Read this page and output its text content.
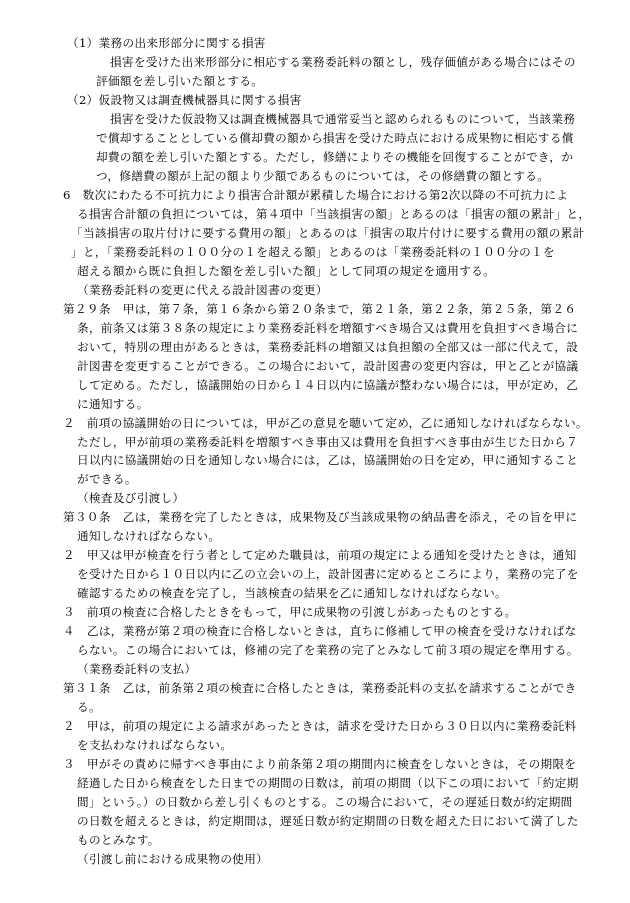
（1）業務の出来形部分に関する損害
損害を受けた出来形部分に相応する業務委託料の額とし，残存価値がある場合にはその
評価額を差し引いた額とする。
（2）仮設物又は調査機械器具に関する損害
損害を受けた仮設物又は調査機械器具で通常妥当と認められるものについて，当該業務
で償却することとしている償却費の額から損害を受けた時点における成果物に相応する償
却費の額を差し引いた額とする。ただし，修繕によりその機能を回復することができ，か
つ，修繕費の額が上記の額より少額であるものについては，その修繕費の額とする。
6　数次にわたる不可抗力により損害合計額が累積した場合における第2次以降の不可抗力によ
る損害合計額の負担については，第４項中「当該損害の額」とあるのは「損害の額の累計」と，
「当該損害の取片付けに要する費用の額」とあるのは「損害の取片付けに要する費用の額の累計
」と，「業務委託料の１００分の１を超える額」とあるのは「業務委託料の１００分の１を
超える額から既に負担した額を差し引いた額」として同項の規定を適用する。
（業務委託料の変更に代える設計図書の変更）
第２９条　甲は，第７条，第１６条から第２０条まで，第２１条，第２２条，第２５条，第２６
条，前条又は第３８条の規定により業務委託料を増額すべき場合又は費用を負担すべき場合に
おいて，特別の理由があるときは，業務委託料の増額又は負担額の全部又は一部に代えて，設
計図書を変更することができる。この場合において，設計図書の変更内容は，甲と乙とが協議
して定める。ただし，協議開始の日から１４日以内に協議が整わない場合には，甲が定め，乙
に通知する。
２　前項の協議開始の日については，甲が乙の意見を聴いて定め，乙に通知しなければならない。
ただし，甲が前項の業務委託料を増額すべき事由又は費用を負担すべき事由が生じた日から７
日以内に協議開始の日を通知しない場合には，乙は，協議開始の日を定め，甲に通知すること
ができる。
（検査及び引渡し）
第３０条　乙は，業務を完了したときは，成果物及び当該成果物の納品書を添え，その旨を甲に
通知しなければならない。
２　甲又は甲が検査を行う者として定めた職員は，前項の規定による通知を受けたときは，通知
を受けた日から１０日以内に乙の立会いの上，設計図書に定めるところにより，業務の完了を
確認するための検査を完了し，当該検査の結果を乙に通知しなければならない。
３　前項の検査に合格したときをもって，甲に成果物の引渡しがあったものとする。
４　乙は，業務が第２項の検査に合格しないときは，直ちに修補して甲の検査を受けなければな
らない。この場合においては，修補の完了を業務の完了とみなして前３項の規定を準用する。
（業務委託料の支払）
第３１条　乙は，前条第２項の検査に合格したときは，業務委託料の支払を請求することができ
る。
２　甲は，前項の規定による請求があったときは，請求を受けた日から３０日以内に業務委託料
を支払わなければならない。
３　甲がその責めに帰すべき事由により前条第２項の期間内に検査をしないときは，その期限を
経過した日から検査をした日までの期間の日数は，前項の期間（以下この項において「約定期
間」という。）の日数から差し引くものとする。この場合において，その遅延日数が約定期間
の日数を超えるときは，約定期間は，遅延日数が約定期間の日数を超えた日において満了した
ものとみなす。
（引渡し前における成果物の使用）
